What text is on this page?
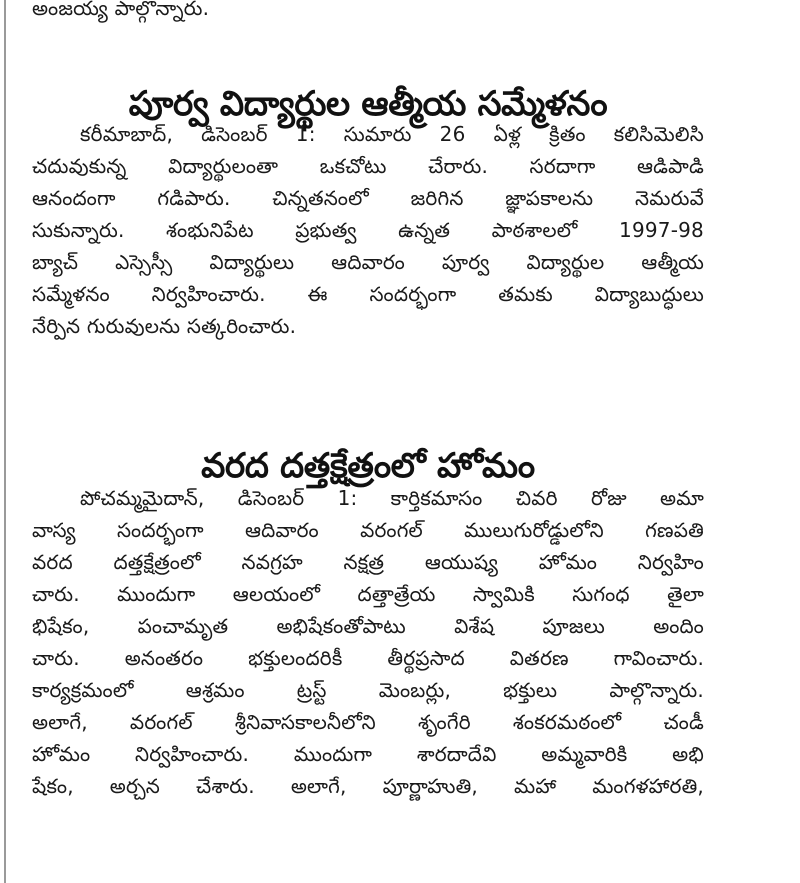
అంజయ్య పాల్గొన్నారు.
పూర్వ విద్యార్థుల ఆత్మీయ సమ్మేళనం
కరీమాబాద్, డిసెంబర్ 1: సుమారు 26 ఏళ్ల క్రితం కలిసిమెలిసి
చదువుకున్న విద్యార్థులంతా ఒకచోటు చేరారు. సరదాగా ఆడిపాడి
ఆనందంగా గడిపారు. చిన్నతనంలో జరిగిన జ్ఞాపకాలను నెమరువే
సుకున్నారు. శంభునిపేట ప్రభుత్వ ఉన్నత పాఠశాలలో 1997-98
బ్యాచ్ ఎస్సెస్సీ విద్యార్థులు ఆదివారం పూర్వ విద్యార్థుల ఆత్మీయ
సమ్మేళనం నిర్వహించారు. ఈ సందర్భంగా తమకు విద్యాబుద్ధులు
నేర్పిన గురువులను సత్కరించారు.
వరద దత్తక్షేత్రంలో హోమం
పోచమ్మమైదాన్, డిసెంబర్ 1: కార్తికమాసం చివరి రోజు అమా
వాస్య సందర్భంగా ఆదివారం వరంగల్ ములుగురోడ్డులోని గణపతి
వరద దత్తక్షేత్రంలో నవగ్రహ నక్షత్ర ఆయుష్య హోమం నిర్వహిం
చారు. ముందుగా ఆలయంలో దత్తాత్రేయ స్వామికి సుగంధ తైలా
భిషేకం, పంచామృత అభిషేకంతోపాటు విశేష పూజలు అందిం
చారు. అనంతరం భక్తులందరికీ తీర్థప్రసాద వితరణ గావించారు.
కార్యక్రమంలో ఆశ్రమం ట్రస్ట్ మెంబర్లు, భక్తులు పాల్గొన్నారు.
అలాగే, వరంగల్ శ్రీనివాసకాలనీలోని శృంగేరి శంకరమఠంలో చండీ
హోమం నిర్వహించారు. ముందుగా శారదాదేవి అమ్మవారికి అభి
షేకం, అర్చన చేశారు. అలాగే, పూర్ణాహుతి, మహా మంగళహారతి,
